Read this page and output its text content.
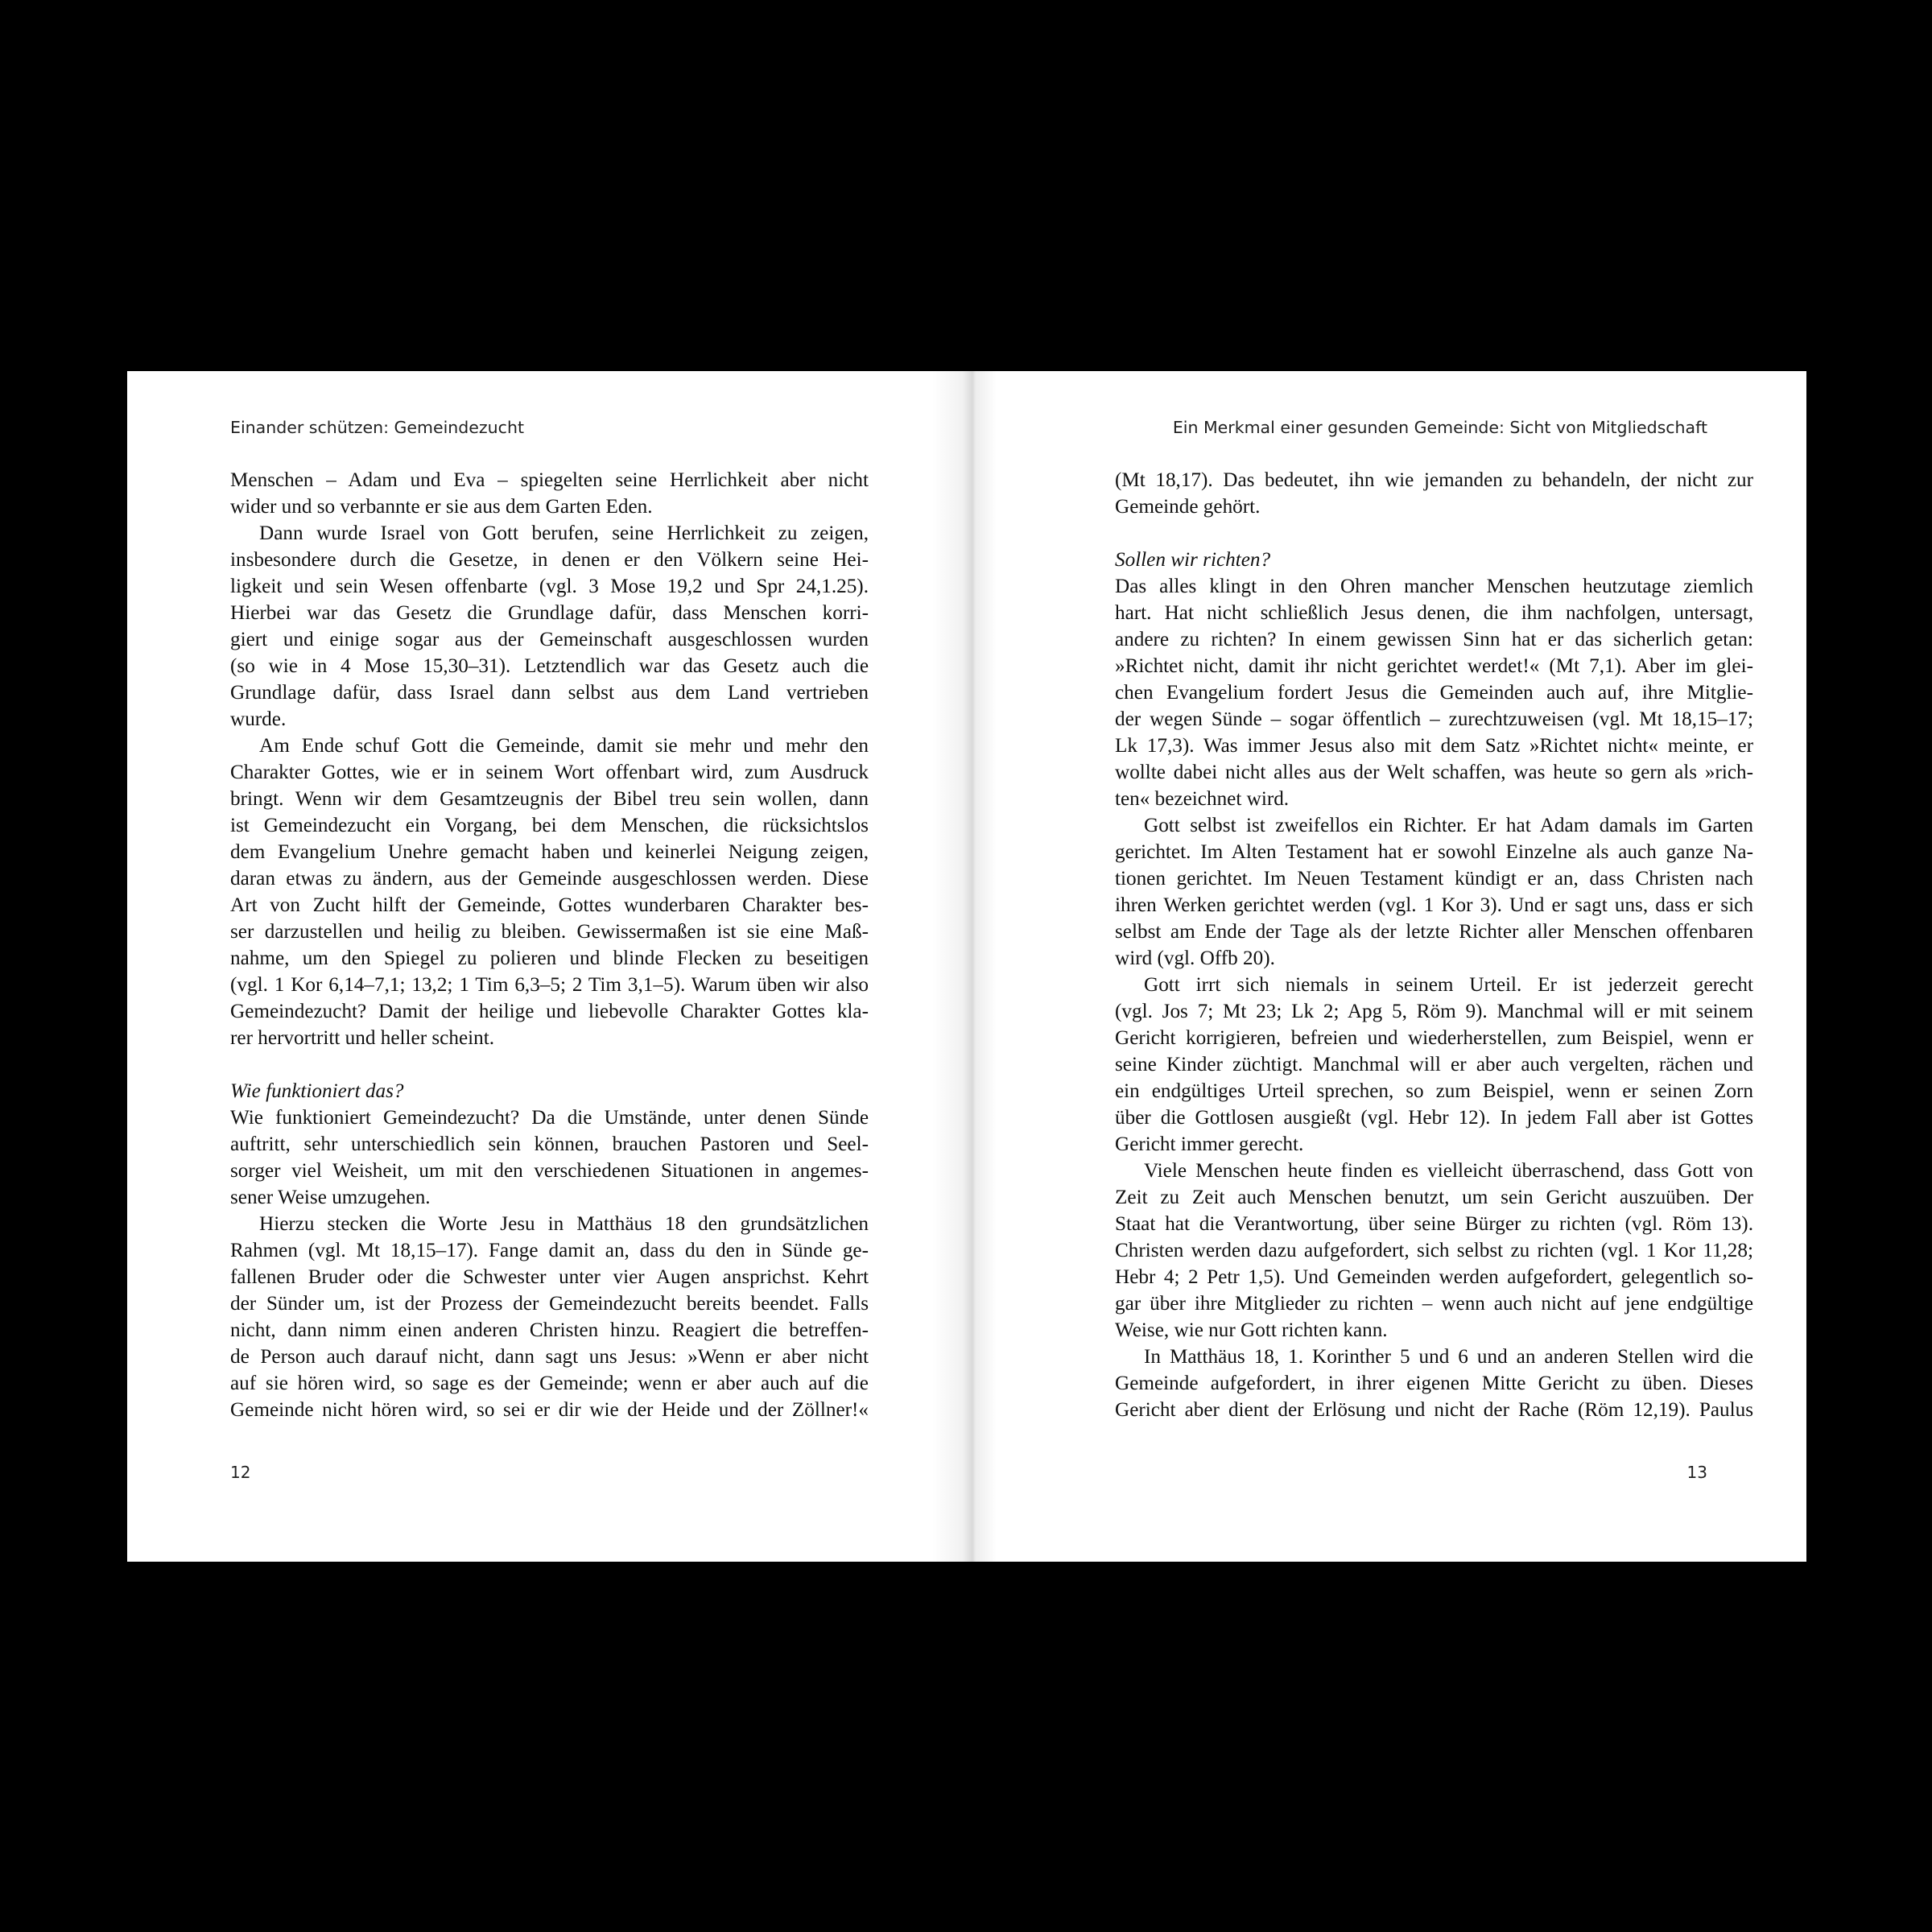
Einander schützen: Gemeindezucht
Menschen – Adam und Eva – spiegelten seine Herrlichkeit aber nicht
wider und so verbannte er sie aus dem Garten Eden.
Dann wurde Israel von Gott berufen, seine Herrlichkeit zu zeigen,
insbesondere durch die Gesetze, in denen er den Völkern seine Hei-
ligkeit und sein Wesen offenbarte (vgl. 3 Mose 19,2 und Spr 24,1.25).
Hierbei war das Gesetz die Grundlage dafür, dass Menschen korri-
giert und einige sogar aus der Gemeinschaft ausgeschlossen wurden
(so wie in 4 Mose 15,30–31). Letztendlich war das Gesetz auch die
Grundlage dafür, dass Israel dann selbst aus dem Land vertrieben
wurde.
Am Ende schuf Gott die Gemeinde, damit sie mehr und mehr den
Charakter Gottes, wie er in seinem Wort offenbart wird, zum Ausdruck
bringt. Wenn wir dem Gesamtzeugnis der Bibel treu sein wollen, dann
ist Gemeindezucht ein Vorgang, bei dem Menschen, die rücksichtslos
dem Evangelium Unehre gemacht haben und keinerlei Neigung zeigen,
daran etwas zu ändern, aus der Gemeinde ausgeschlossen werden. Diese
Art von Zucht hilft der Gemeinde, Gottes wunderbaren Charakter bes-
ser darzustellen und heilig zu bleiben. Gewissermaßen ist sie eine Maß-
nahme, um den Spiegel zu polieren und blinde Flecken zu beseitigen
(vgl. 1 Kor 6,14–7,1; 13,2; 1 Tim 6,3–5; 2 Tim 3,1–5). Warum üben wir also
Gemeindezucht? Damit der heilige und liebevolle Charakter Gottes kla-
rer hervortritt und heller scheint.
Wie funktioniert das?
Wie funktioniert Gemeindezucht? Da die Umstände, unter denen Sünde
auftritt, sehr unterschiedlich sein können, brauchen Pastoren und Seel-
sorger viel Weisheit, um mit den verschiedenen Situationen in angemes-
sener Weise umzugehen.
Hierzu stecken die Worte Jesu in Matthäus 18 den grundsätzlichen
Rahmen (vgl. Mt 18,15–17). Fange damit an, dass du den in Sünde ge-
fallenen Bruder oder die Schwester unter vier Augen ansprichst. Kehrt
der Sünder um, ist der Prozess der Gemeindezucht bereits beendet. Falls
nicht, dann nimm einen anderen Christen hinzu. Reagiert die betreffen-
de Person auch darauf nicht, dann sagt uns Jesus: »Wenn er aber nicht
auf sie hören wird, so sage es der Gemeinde; wenn er aber auch auf die
Gemeinde nicht hören wird, so sei er dir wie der Heide und der Zöllner!«
12
Ein Merkmal einer gesunden Gemeinde: Sicht von Mitgliedschaft
(Mt 18,17). Das bedeutet, ihn wie jemanden zu behandeln, der nicht zur
Gemeinde gehört.
Sollen wir richten?
Das alles klingt in den Ohren mancher Menschen heutzutage ziemlich
hart. Hat nicht schließlich Jesus denen, die ihm nachfolgen, untersagt,
andere zu richten? In einem gewissen Sinn hat er das sicherlich getan:
»Richtet nicht, damit ihr nicht gerichtet werdet!« (Mt 7,1). Aber im glei-
chen Evangelium fordert Jesus die Gemeinden auch auf, ihre Mitglie-
der wegen Sünde – sogar öffentlich – zurechtzuweisen (vgl. Mt 18,15–17;
Lk 17,3). Was immer Jesus also mit dem Satz »Richtet nicht« meinte, er
wollte dabei nicht alles aus der Welt schaffen, was heute so gern als »rich-
ten« bezeichnet wird.
Gott selbst ist zweifellos ein Richter. Er hat Adam damals im Garten
gerichtet. Im Alten Testament hat er sowohl Einzelne als auch ganze Na-
tionen gerichtet. Im Neuen Testament kündigt er an, dass Christen nach
ihren Werken gerichtet werden (vgl. 1 Kor 3). Und er sagt uns, dass er sich
selbst am Ende der Tage als der letzte Richter aller Menschen offenbaren
wird (vgl. Offb 20).
Gott irrt sich niemals in seinem Urteil. Er ist jederzeit gerecht
(vgl. Jos 7; Mt 23; Lk 2; Apg 5, Röm 9). Manchmal will er mit seinem
Gericht korrigieren, befreien und wiederherstellen, zum Beispiel, wenn er
seine Kinder züchtigt. Manchmal will er aber auch vergelten, rächen und
ein endgültiges Urteil sprechen, so zum Beispiel, wenn er seinen Zorn
über die Gottlosen ausgießt (vgl. Hebr 12). In jedem Fall aber ist Gottes
Gericht immer gerecht.
Viele Menschen heute finden es vielleicht überraschend, dass Gott von
Zeit zu Zeit auch Menschen benutzt, um sein Gericht auszuüben. Der
Staat hat die Verantwortung, über seine Bürger zu richten (vgl. Röm 13).
Christen werden dazu aufgefordert, sich selbst zu richten (vgl. 1 Kor 11,28;
Hebr 4; 2 Petr 1,5). Und Gemeinden werden aufgefordert, gelegentlich so-
gar über ihre Mitglieder zu richten – wenn auch nicht auf jene endgültige
Weise, wie nur Gott richten kann.
In Matthäus 18, 1. Korinther 5 und 6 und an anderen Stellen wird die
Gemeinde aufgefordert, in ihrer eigenen Mitte Gericht zu üben. Dieses
Gericht aber dient der Erlösung und nicht der Rache (Röm 12,19). Paulus
13
